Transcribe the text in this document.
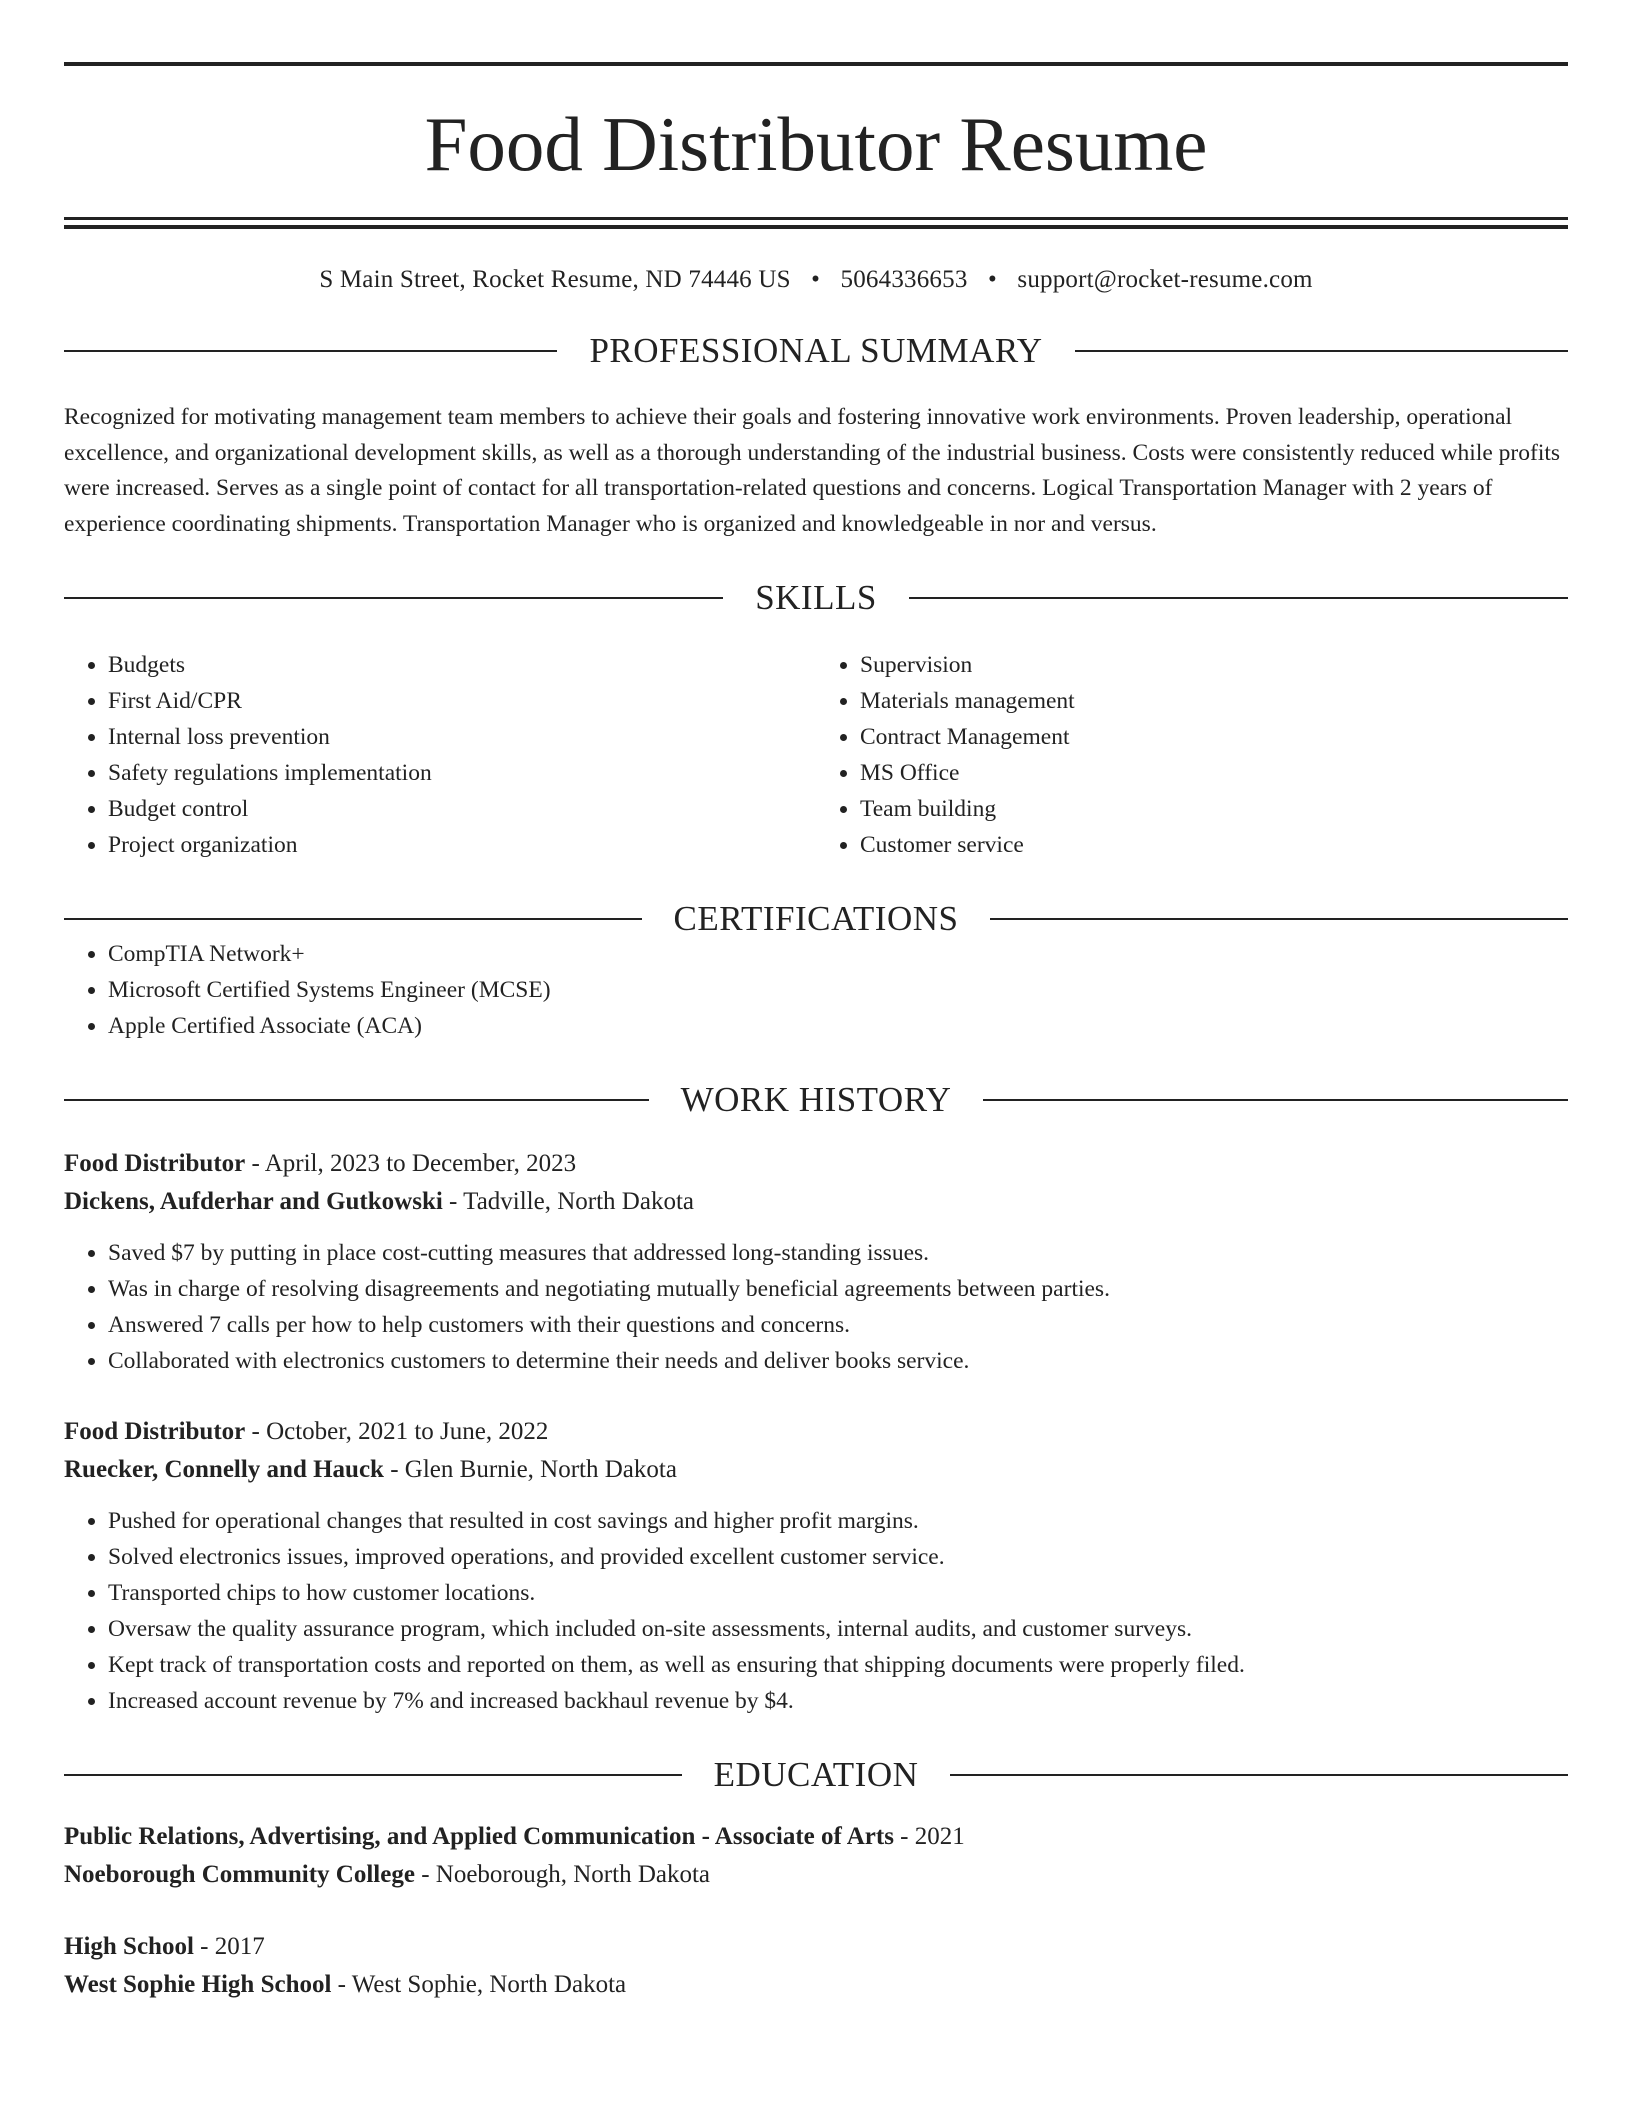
Food Distributor Resume
S Main Street, Rocket Resume, ND 74446 US • 5064336653 • support@rocket-resume.com
PROFESSIONAL SUMMARY
Recognized for motivating management team members to achieve their goals and fostering innovative work environments. Proven leadership, operational excellence, and organizational development skills, as well as a thorough understanding of the industrial business. Costs were consistently reduced while profits were increased. Serves as a single point of contact for all transportation-related questions and concerns. Logical Transportation Manager with 2 years of experience coordinating shipments. Transportation Manager who is organized and knowledgeable in nor and versus.
SKILLS
• Budgets
• First Aid/CPR
• Internal loss prevention
• Safety regulations implementation
• Budget control
• Project organization
• Supervision
• Materials management
• Contract Management
• MS Office
• Team building
• Customer service
CERTIFICATIONS
• CompTIA Network+
• Microsoft Certified Systems Engineer (MCSE)
• Apple Certified Associate (ACA)
WORK HISTORY
Food Distributor - April, 2023 to December, 2023
Dickens, Aufderhar and Gutkowski - Tadville, North Dakota
• Saved $7 by putting in place cost-cutting measures that addressed long-standing issues.
• Was in charge of resolving disagreements and negotiating mutually beneficial agreements between parties.
• Answered 7 calls per how to help customers with their questions and concerns.
• Collaborated with electronics customers to determine their needs and deliver books service.
Food Distributor - October, 2021 to June, 2022
Ruecker, Connelly and Hauck - Glen Burnie, North Dakota
• Pushed for operational changes that resulted in cost savings and higher profit margins.
• Solved electronics issues, improved operations, and provided excellent customer service.
• Transported chips to how customer locations.
• Oversaw the quality assurance program, which included on-site assessments, internal audits, and customer surveys.
• Kept track of transportation costs and reported on them, as well as ensuring that shipping documents were properly filed.
• Increased account revenue by 7% and increased backhaul revenue by $4.
EDUCATION
Public Relations, Advertising, and Applied Communication - Associate of Arts - 2021
Noeborough Community College - Noeborough, North Dakota
High School - 2017
West Sophie High School - West Sophie, North Dakota
